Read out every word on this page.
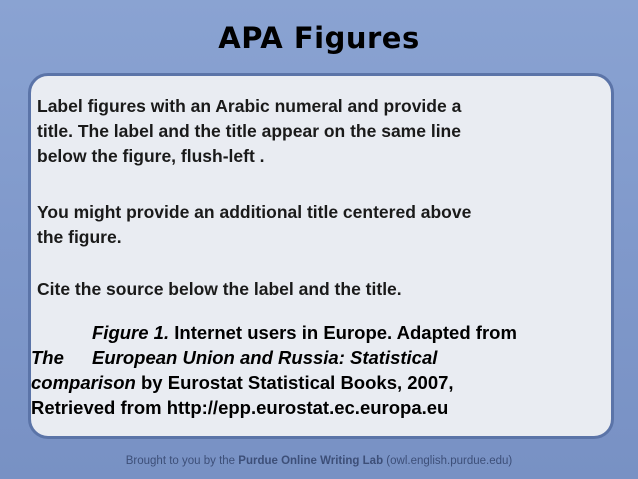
APA Figures

Label figures with an Arabic numeral and provide a
title. The label and the title appear on the same line
below the figure, flush-left .

You might provide an additional title centered above
the figure.

Cite the source below the label and the title.

Figure 1. Internet users in Europe. Adapted from
The European Union and Russia: Statistical
comparison by Eurostat Statistical Books, 2007,
Retrieved from http://epp.eurostat.ec.europa.eu

Brought to you by the Purdue Online Writing Lab (owl.english.purdue.edu)
